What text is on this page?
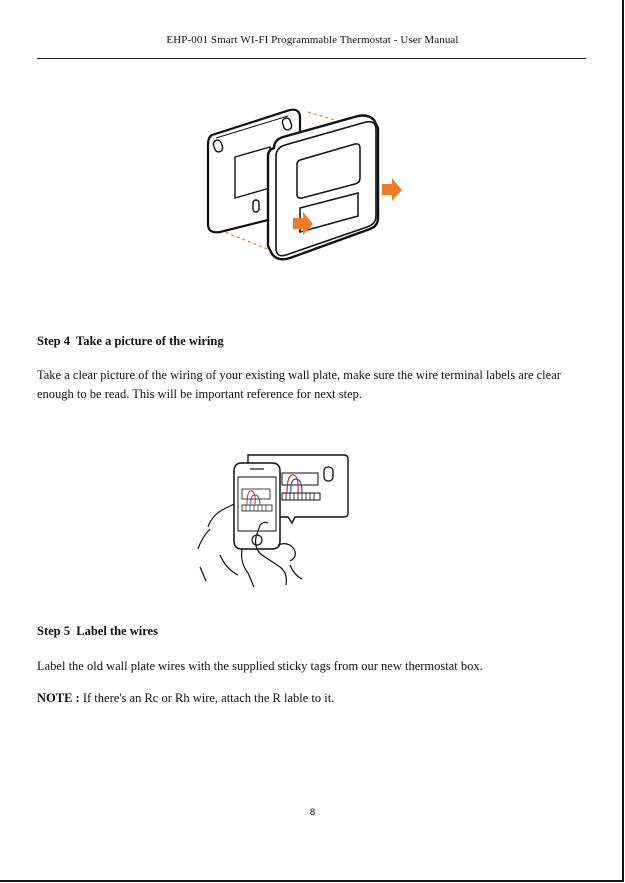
EHP-001 Smart WI-FI Programmable Thermostat - User Manual
Step 4  Take a picture of the wiring

Take a clear picture of the wiring of your existing wall plate, make sure the wire terminal labels are clear enough to be read. This will be important reference for next step.

Step 5  Label the wires

Label the old wall plate wires with the supplied sticky tags from our new thermostat box.

NOTE : If there's an Rc or Rh wire, attach the R lable to it.

8
